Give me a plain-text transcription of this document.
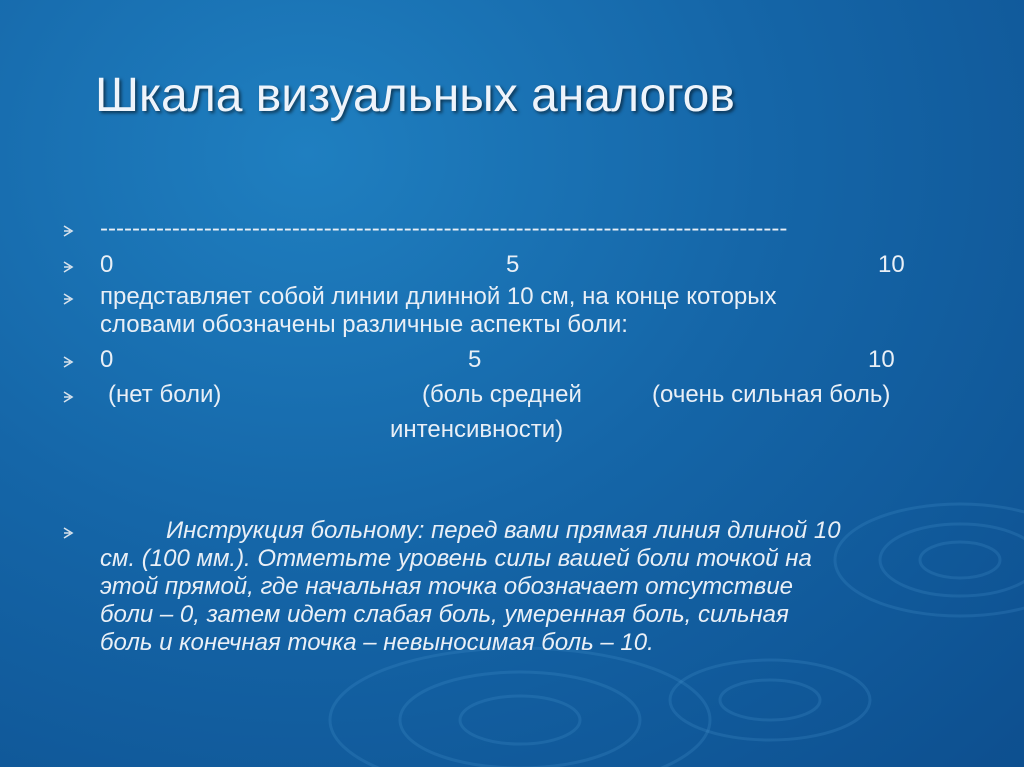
Шкала визуальных аналогов
--------------------------------------------------------------------------------------
0	5	10
представляет собой линии длинной 10 см, на конце которых
словами обозначены различные аспекты боли:
0	5	10
(нет боли)	(боль средней	(очень сильная боль)
интенсивности)
Инструкция больному: перед вами прямая линия длиной 10
см. (100 мм.). Отметьте уровень силы вашей боли точкой на
этой прямой, где начальная точка обозначает отсутствие
боли – 0, затем идет слабая боль, умеренная боль, сильная
боль и конечная точка – невыносимая боль – 10.
